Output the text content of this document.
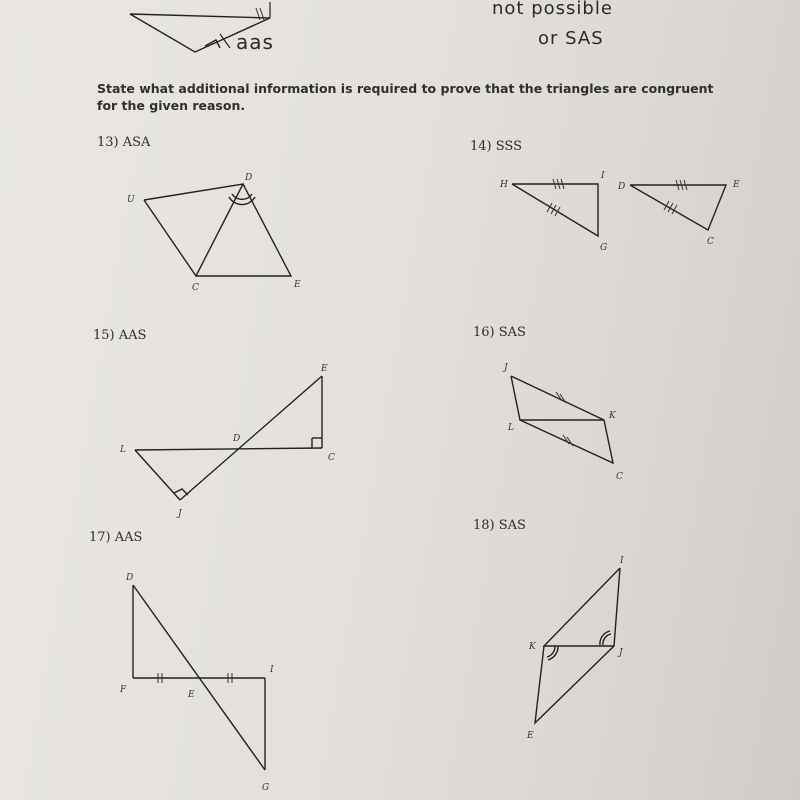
aas
not possible
or SAS
State what additional information is required to prove that the triangles are congruent for the given reason.
13) ASA	14) SSS
15) AAS	16) SAS
17) AAS
18) SAS
U
D
C	E
H
I
G
D	E
C
E
D
L
C
J
J
K
L
C
D
I
F	E
G
I
K
J
E
